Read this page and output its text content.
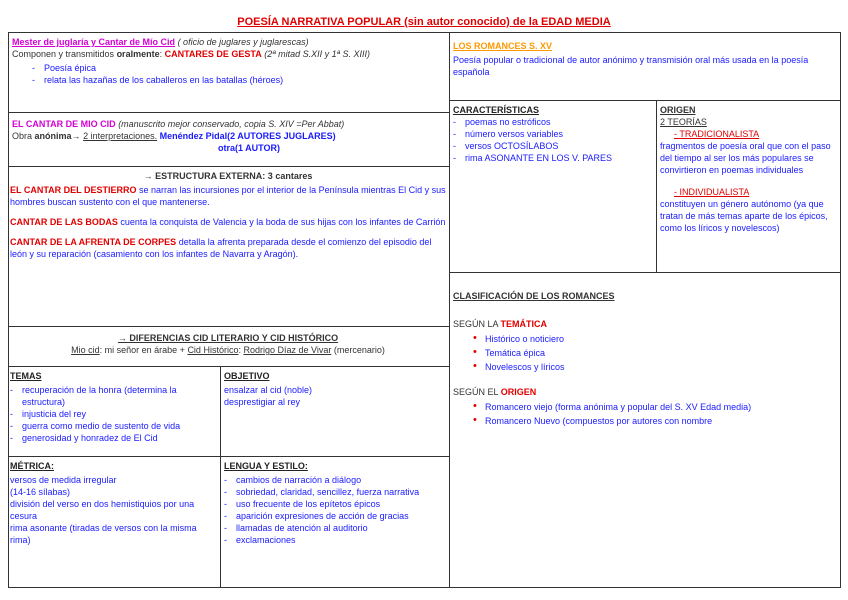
POESÍA NARRATIVA POPULAR (sin autor conocido) de la EDAD MEDIA
Mester de juglaría y Cantar de Mío Cid ( oficio de juglares y juglarescas)
Componen y transmitidos oralmente: CANTARES DE GESTA (2ª mitad S.XII y 1ª S. XIII)
- Poesía épica
- relata las hazañas de los caballeros en las batallas (héroes)
EL CANTAR DE MIO CID (manuscrito mejor conservado, copia S. XIV =Per Abbat)
Obra anónima→ 2 interpretaciones. Menéndez Pidal(2 AUTORES JUGLARES)
otra(1 AUTOR)
→ ESTRUCTURA EXTERNA: 3 cantares
EL CANTAR DEL DESTIERRO se narran las incursiones por el interior de la Península mientras El Cid y sus hombres buscan sustento con el que mantenerse.
CANTAR DE LAS BODAS cuenta la conquista de Valencia y la boda de sus hijas con los infantes de Carrión
CANTAR DE LA AFRENTA DE CORPES detalla la afrenta preparada desde el comienzo del episodio del león y su reparación (casamiento con los infantes de Navarra y Aragón).
→ DIFERENCIAS CID LITERARIO Y CID HISTÓRICO
Mio cid: mi señor en árabe + Cid Histórico: Rodrigo Díaz de Vivar (mercenario)
TEMAS
- recuperación de la honra (determina la estructura)
- injusticia del rey
- guerra como medio de sustento de vida
- generosidad y honradez de El Cid
OBJETIVO
ensalzar al cid (noble)
desprestigiar al rey
MÉTRICA:
versos de medida irregular
(14-16 sílabas)
división del verso en dos hemistiquios por una cesura
rima asonante (tiradas de versos con la misma rima)
LENGUA Y ESTILO:
- cambios de narración a diálogo
- sobriedad, claridad, sencillez, fuerza narrativa
- uso frecuente de los epítetos épicos
- aparición expresiones de acción de gracias
- llamadas de atención al auditorio
- exclamaciones
LOS ROMANCES S. XV
Poesía popular o tradicional de autor anónimo y transmisión oral más usada en la poesía española
CARACTERÍSTICAS
- poemas no estróficos
- número versos variables
- versos OCTOSÍLABOS
- rima ASONANTE EN LOS V. PARES
ORIGEN
2 TEORÍAS
- TRADICIONALISTA
fragmentos de poesía oral que con el paso del tiempo al ser los más populares se convirtieron en poemas individuales
- INDIVIDUALISTA
constituyen un género autónomo (ya que tratan de más temas aparte de los épicos, como los líricos y novelescos)
CLASIFICACIÓN DE LOS ROMANCES
SEGÚN LA TEMÁTICA
• Histórico o noticiero
• Temática épica
• Novelescos y líricos
SEGÚN EL ORIGEN
• Romancero viejo (forma anónima y popular del S. XV Edad media)
• Romancero Nuevo (compuestos por autores con nombre
